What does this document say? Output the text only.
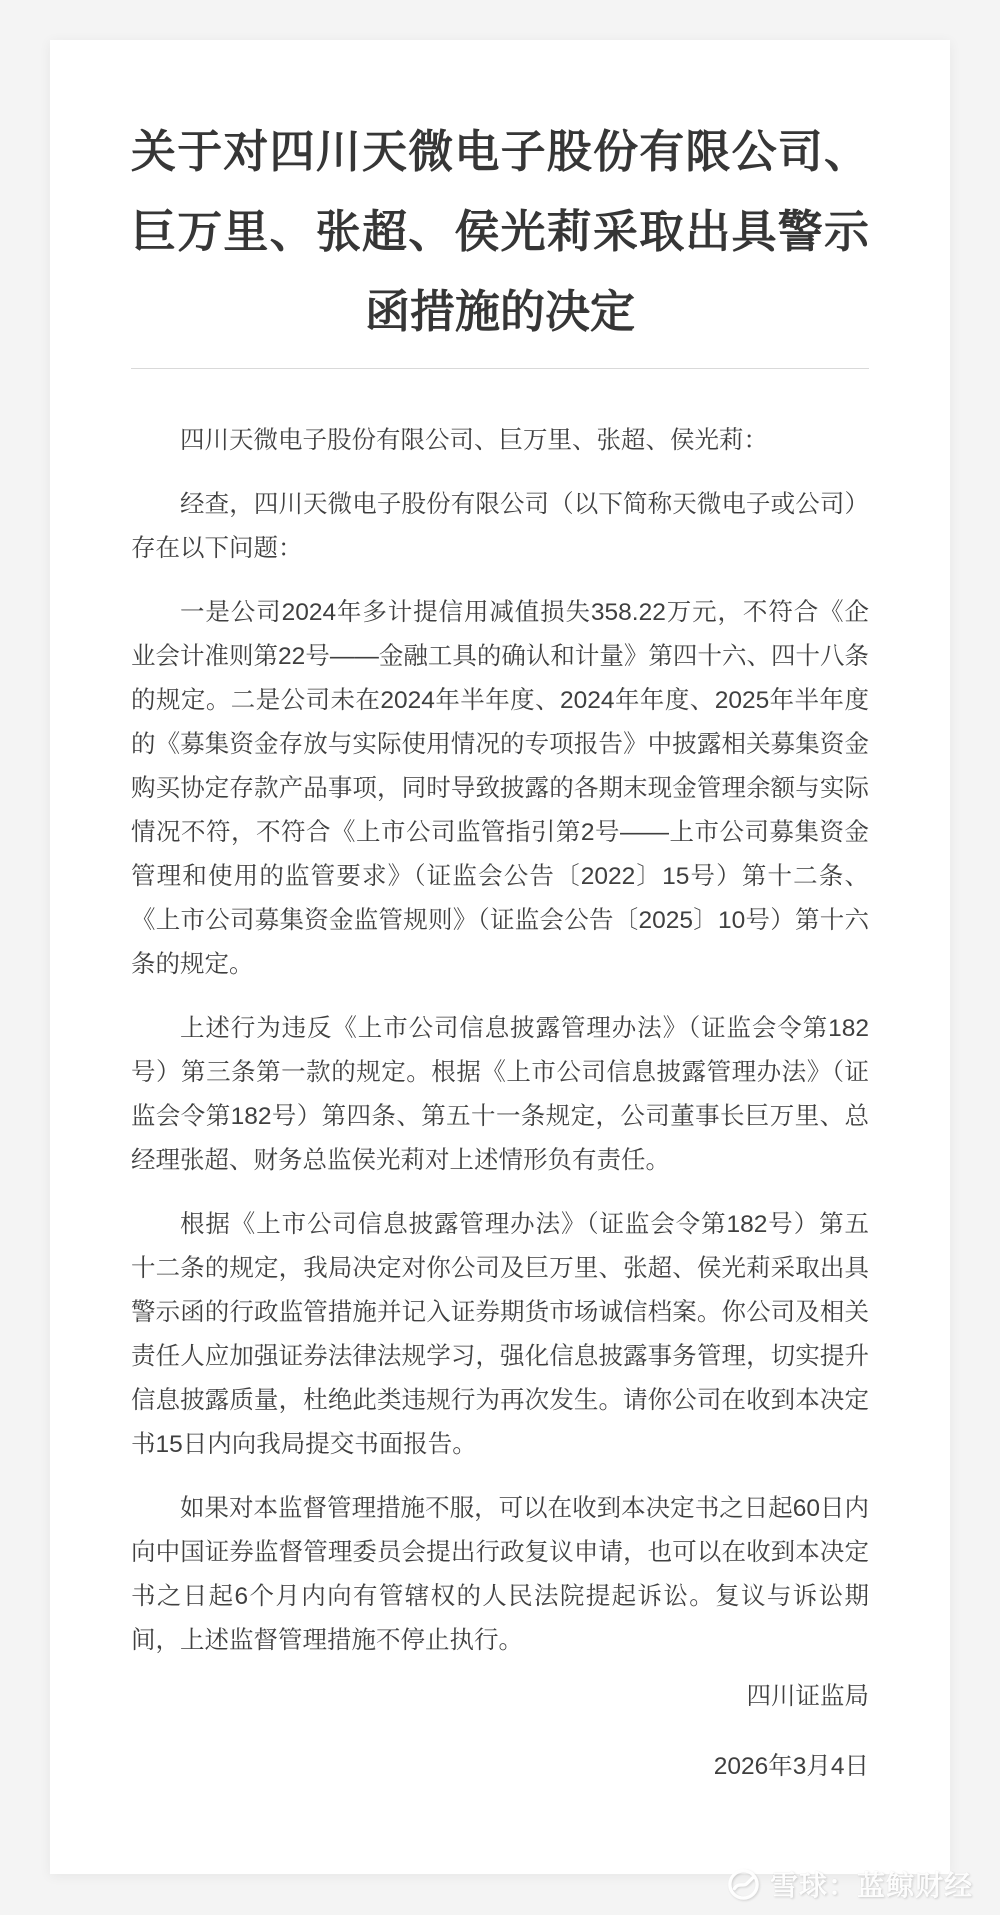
关于对四川天微电子股份有限公司、巨万里、张超、侯光莉采取出具警示函措施的决定

四川天微电子股份有限公司、巨万里、张超、侯光莉：

经查，四川天微电子股份有限公司（以下简称天微电子或公司）存在以下问题：

一是公司2024年多计提信用减值损失358.22万元，不符合《企业会计准则第22号——金融工具的确认和计量》第四十六、四十八条的规定。二是公司未在2024年半年度、2024年年度、2025年半年度的《募集资金存放与实际使用情况的专项报告》中披露相关募集资金购买协定存款产品事项，同时导致披露的各期末现金管理余额与实际情况不符，不符合《上市公司监管指引第2号——上市公司募集资金管理和使用的监管要求》（证监会公告〔2022〕15号）第十二条、《上市公司募集资金监管规则》（证监会公告〔2025〕10号）第十六条的规定。

上述行为违反《上市公司信息披露管理办法》（证监会令第182号）第三条第一款的规定。根据《上市公司信息披露管理办法》（证监会令第182号）第四条、第五十一条规定，公司董事长巨万里、总经理张超、财务总监侯光莉对上述情形负有责任。

根据《上市公司信息披露管理办法》（证监会令第182号）第五十二条的规定，我局决定对你公司及巨万里、张超、侯光莉采取出具警示函的行政监管措施并记入证券期货市场诚信档案。你公司及相关责任人应加强证券法律法规学习，强化信息披露事务管理，切实提升信息披露质量，杜绝此类违规行为再次发生。请你公司在收到本决定书15日内向我局提交书面报告。

如果对本监督管理措施不服，可以在收到本决定书之日起60日内向中国证券监督管理委员会提出行政复议申请，也可以在收到本决定书之日起6个月内向有管辖权的人民法院提起诉讼。复议与诉讼期间，上述监督管理措施不停止执行。

四川证监局

2026年3月4日

雪球：蓝鲸财经
